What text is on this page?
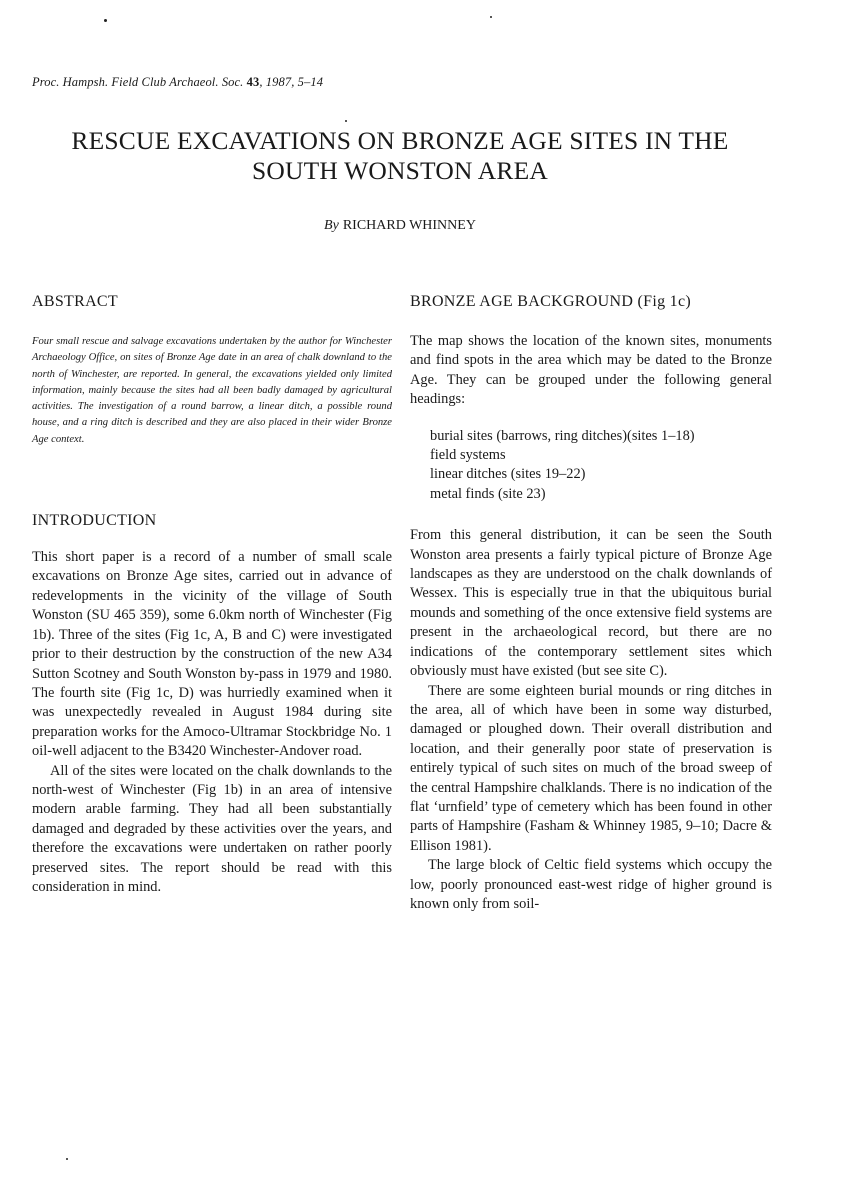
Proc. Hampsh. Field Club Archaeol. Soc. 43, 1987, 5–14
RESCUE EXCAVATIONS ON BRONZE AGE SITES IN THE
SOUTH WONSTON AREA
By RICHARD WHINNEY
ABSTRACT

Four small rescue and salvage excavations undertaken by the author for Winchester Archaeology Office, on sites of Bronze Age date in an area of chalk downland to the north of Winchester, are reported. In general, the excavations yielded only limited information, mainly because the sites had all been badly damaged by agricultural activities. The investigation of a round barrow, a linear ditch, a possible round house, and a ring ditch is described and they are also placed in their wider Bronze Age context.

INTRODUCTION

This short paper is a record of a number of small scale excavations on Bronze Age sites, carried out in advance of redevelopments in the vicinity of the village of South Wonston (SU 465 359), some 6.0km north of Winchester (Fig 1b). Three of the sites (Fig 1c, A, B and C) were investigated prior to their destruction by the construction of the new A34 Sutton Scotney and South Wonston by-pass in 1979 and 1980. The fourth site (Fig 1c, D) was hurriedly examined when it was unexpectedly revealed in August 1984 during site preparation works for the Amoco-Ultramar Stockbridge No. 1 oil-well adjacent to the B3420 Winchester-Andover road.

All of the sites were located on the chalk downlands to the north-west of Winchester (Fig 1b) in an area of intensive modern arable farming. They had all been substantially damaged and degraded by these activities over the years, and therefore the excavations were undertaken on rather poorly preserved sites. The report should be read with this consideration in mind.

BRONZE AGE BACKGROUND (Fig 1c)

The map shows the location of the known sites, monuments and find spots in the area which may be dated to the Bronze Age. They can be grouped under the following general headings:

burial sites (barrows, ring ditches)(sites 1–18)
field systems
linear ditches (sites 19–22)
metal finds (site 23)

From this general distribution, it can be seen the South Wonston area presents a fairly typical picture of Bronze Age landscapes as they are understood on the chalk downlands of Wessex. This is especially true in that the ubiquitous burial mounds and something of the once extensive field systems are present in the archaeological record, but there are no indications of the contemporary settlement sites which obviously must have existed (but see site C).

There are some eighteen burial mounds or ring ditches in the area, all of which have been in some way disturbed, damaged or ploughed down. Their overall distribution and location, and their generally poor state of preservation is entirely typical of such sites on much of the broad sweep of the central Hampshire chalklands. There is no indication of the flat ‘urnfield’ type of cemetery which has been found in other parts of Hampshire (Fasham & Whinney 1985, 9–10; Dacre & Ellison 1981).

The large block of Celtic field systems which occupy the low, poorly pronounced east-west ridge of higher ground is known only from soil-
